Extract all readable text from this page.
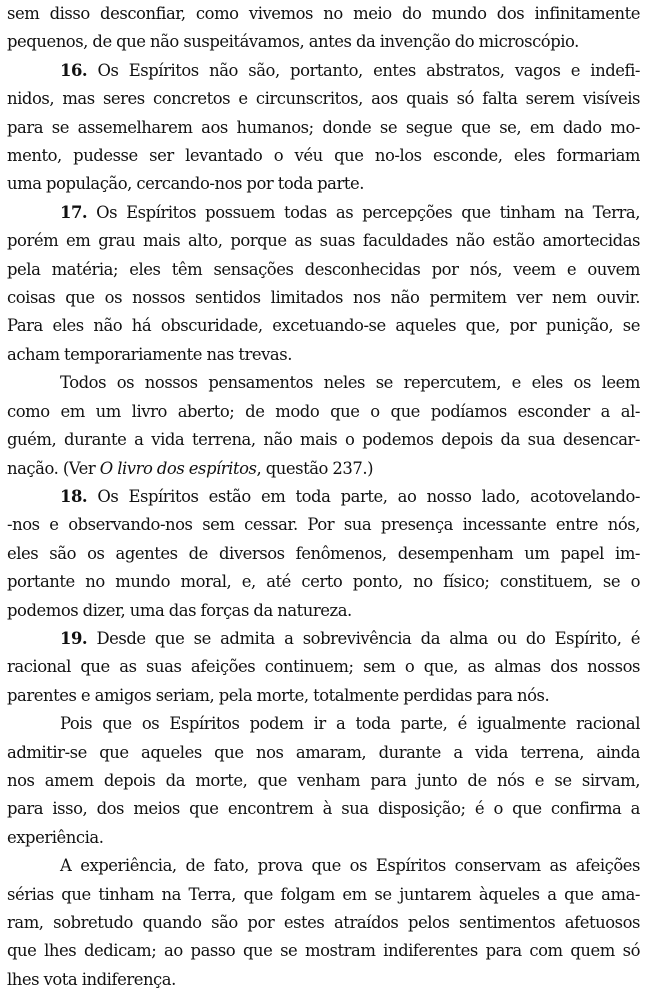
sem disso desconfiar, como vivemos no meio do mundo dos infinitamente
pequenos, de que não suspeitávamos, antes da invenção do microscópio.

16. Os Espíritos não são, portanto, entes abstratos, vagos e indefi-
nidos, mas seres concretos e circunscritos, aos quais só falta serem visíveis
para se assemelharem aos humanos; donde se segue que se, em dado mo-
mento, pudesse ser levantado o véu que no-los esconde, eles formariam
uma população, cercando-nos por toda parte.

17. Os Espíritos possuem todas as percepções que tinham na Terra,
porém em grau mais alto, porque as suas faculdades não estão amortecidas
pela matéria; eles têm sensações desconhecidas por nós, veem e ouvem
coisas que os nossos sentidos limitados nos não permitem ver nem ouvir.
Para eles não há obscuridade, excetuando-se aqueles que, por punição, se
acham temporariamente nas trevas.

Todos os nossos pensamentos neles se repercutem, e eles os leem
como em um livro aberto; de modo que o que podíamos esconder a al-
guém, durante a vida terrena, não mais o podemos depois da sua desencar-
nação. (Ver O livro dos espíritos, questão 237.)

18. Os Espíritos estão em toda parte, ao nosso lado, acotovelando-
-nos e observando-nos sem cessar. Por sua presença incessante entre nós,
eles são os agentes de diversos fenômenos, desempenham um papel im-
portante no mundo moral, e, até certo ponto, no físico; constituem, se o
podemos dizer, uma das forças da natureza.

19. Desde que se admita a sobrevivência da alma ou do Espírito, é
racional que as suas afeições continuem; sem o que, as almas dos nossos
parentes e amigos seriam, pela morte, totalmente perdidas para nós.

Pois que os Espíritos podem ir a toda parte, é igualmente racional
admitir-se que aqueles que nos amaram, durante a vida terrena, ainda
nos amem depois da morte, que venham para junto de nós e se sirvam,
para isso, dos meios que encontrem à sua disposição; é o que confirma a
experiência.

A experiência, de fato, prova que os Espíritos conservam as afeições
sérias que tinham na Terra, que folgam em se juntarem àqueles a que ama-
ram, sobretudo quando são por estes atraídos pelos sentimentos afetuosos
que lhes dedicam; ao passo que se mostram indiferentes para com quem só
lhes vota indiferença.
